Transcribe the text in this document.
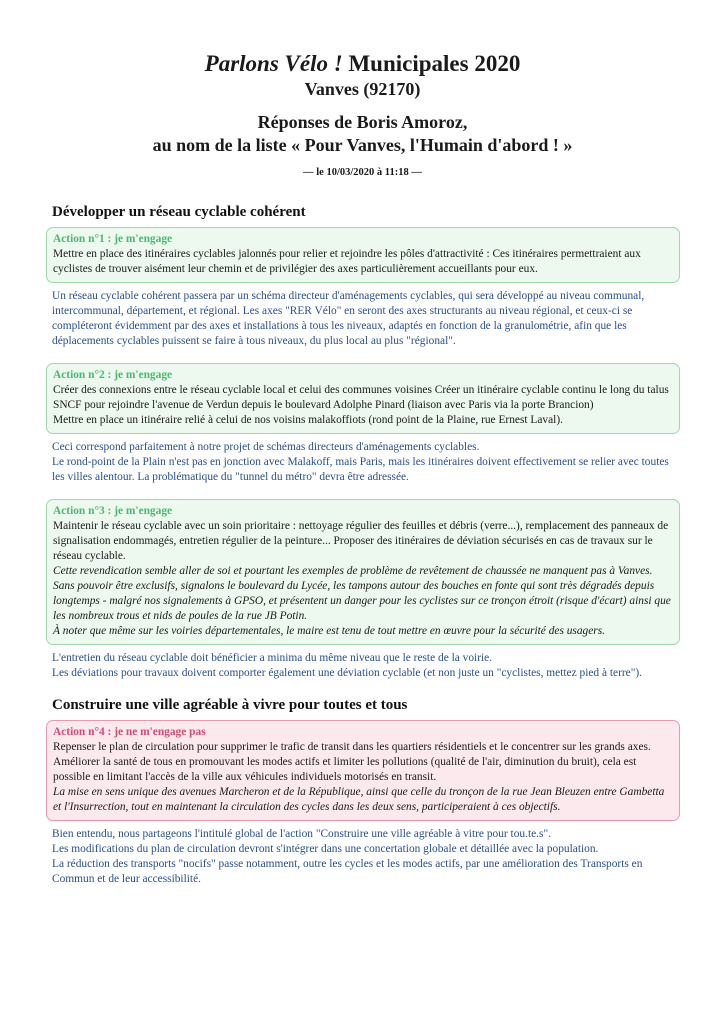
Parlons Vélo ! Municipales 2020

Vanves (92170)

Réponses de Boris Amoroz,
au nom de la liste « Pour Vanves, l'Humain d'abord ! »
— le 10/03/2020 à 11:18 —
Développer un réseau cyclable cohérent
Action n°1 : je m'engage

Mettre en place des itinéraires cyclables jalonnés pour relier et rejoindre les pôles d'attractivité : Ces itinéraires permettraient aux cyclistes de trouver aisément leur chemin et de privilégier des axes particulièrement accueillants pour eux.

Un réseau cyclable cohérent passera par un schéma directeur d'aménagements cyclables, qui sera développé au niveau communal, intercommunal, département, et régional. Les axes "RER Vélo" en seront des axes structurants au niveau régional, et ceux-ci se compléteront évidemment par des axes et installations à tous les niveaux, adaptés en fonction de la granulométrie, afin que les déplacements cyclables puissent se faire à tous niveaux, du plus local au plus "régional".

Action n°2 : je m'engage

Créer des connexions entre le réseau cyclable local et celui des communes voisines Créer un itinéraire cyclable continu le long du talus SNCF pour rejoindre l'avenue de Verdun depuis le boulevard Adolphe Pinard (liaison avec Paris via la porte Brancion)

Mettre en place un itinéraire relié à celui de nos voisins malakoffiots (rond point de la Plaine, rue Ernest Laval).

Ceci correspond parfaitement à notre projet de schémas directeurs d'aménagements cyclables.

Le rond-point de la Plain n'est pas en jonction avec Malakoff, mais Paris, mais les itinéraires doivent effectivement se relier avec toutes les villes alentour. La problématique du "tunnel du métro" devra être adressée.

Action n°3 : je m'engage

Maintenir le réseau cyclable avec un soin prioritaire : nettoyage régulier des feuilles et débris (verre...), remplacement des panneaux de signalisation endommagés, entretien régulier de la peinture... Proposer des itinéraires de déviation sécurisés en cas de travaux sur le réseau cyclable.

Cette revendication semble aller de soi et pourtant les exemples de problème de revêtement de chaussée ne manquent pas à Vanves. Sans pouvoir être exclusifs, signalons le boulevard du Lycée, les tampons autour des bouches en fonte qui sont très dégradés depuis longtemps - malgré nos signalements à GPSO, et présentent un danger pour les cyclistes sur ce tronçon étroit (risque d'écart) ainsi que les nombreux trous et nids de poules de la rue JB Potin.

À noter que même sur les voiries départementales, le maire est tenu de tout mettre en œuvre pour la sécurité des usagers.

L'entretien du réseau cyclable doit bénéficier a minima du même niveau que le reste de la voirie.

Les déviations pour travaux doivent comporter également une déviation cyclable (et non juste un "cyclistes, mettez pied à terre").

Construire une ville agréable à vivre pour toutes et tous
Action n°4 : je ne m'engage pas

Repenser le plan de circulation pour supprimer le trafic de transit dans les quartiers résidentiels et le concentrer sur les grands axes. Améliorer la santé de tous en promouvant les modes actifs et limiter les pollutions (qualité de l'air, diminution du bruit), cela est possible en limitant l'accès de la ville aux véhicules individuels motorisés en transit.

La mise en sens unique des avenues Marcheron et de la République, ainsi que celle du tronçon de la rue Jean Bleuzen entre Gambetta et l'Insurrection, tout en maintenant la circulation des cycles dans les deux sens, participeraient à ces objectifs.

Bien entendu, nous partageons l'intitulé global de l'action "Construire une ville agréable à vitre pour tou.te.s".

Les modifications du plan de circulation devront s'intégrer dans une concertation globale et détaillée avec la population.

La réduction des transports "nocifs" passe notamment, outre les cycles et les modes actifs, par une amélioration des Transports en Commun et de leur accessibilité.
